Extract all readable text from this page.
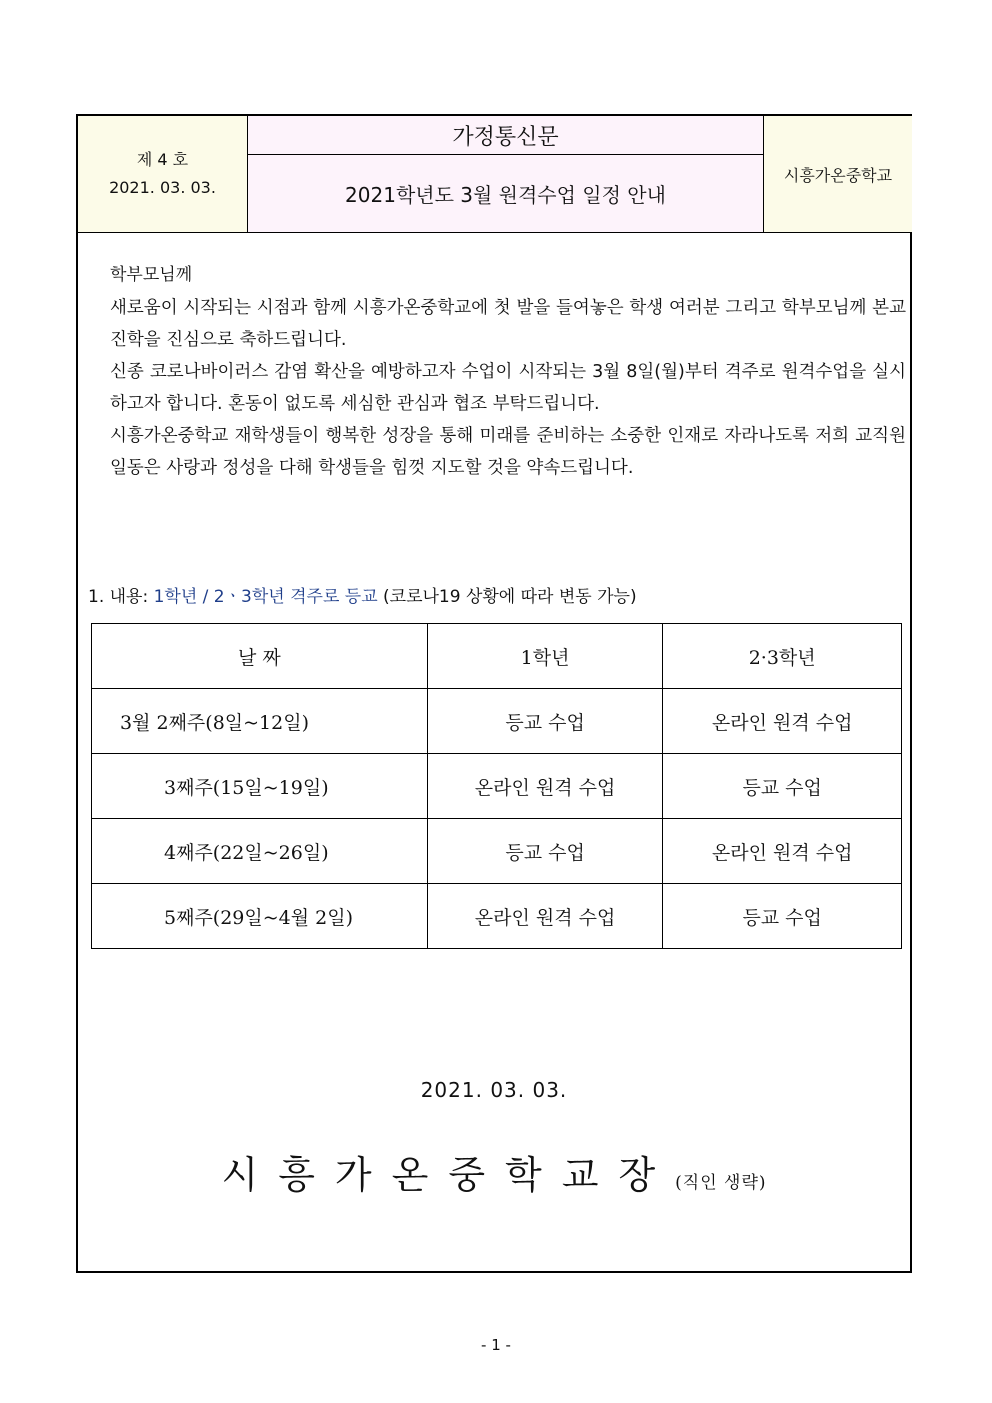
제 4 호
2021. 03. 03.
가정통신문
2021학년도 3월 원격수업 일정 안내
시흥가온중학교
학부모님께

새로움이 시작되는 시점과 함께 시흥가온중학교에 첫 발을 들여놓은 학생 여러분 그리고 학부모님께 본교 진학을 진심으로 축하드립니다.

신종 코로나바이러스 감염 확산을 예방하고자 수업이 시작되는 3월 8일(월)부터 격주로 원격수업을 실시하고자 합니다. 혼동이 없도록 세심한 관심과 협조 부탁드립니다.

시흥가온중학교 재학생들이 행복한 성장을 통해 미래를 준비하는 소중한 인재로 자라나도록 저희 교직원 일동은 사랑과 정성을 다해 학생들을 힘껏 지도할 것을 약속드립니다.

1. 내용: 1학년 / 2ㆍ3학년 격주로 등교 (코로나19 상황에 따라 변동 가능)
날 짜	1학년	2·3학년
3월 2째주(8일~12일)	등교 수업	온라인 원격 수업
3째주(15일~19일)	온라인 원격 수업	등교 수업
4째주(22일~26일)	등교 수업	온라인 원격 수업
5째주(29일~4월 2일)	온라인 원격 수업	등교 수업
2021. 03. 03.
시흥가온중학교장(직인 생략)
- 1 -
